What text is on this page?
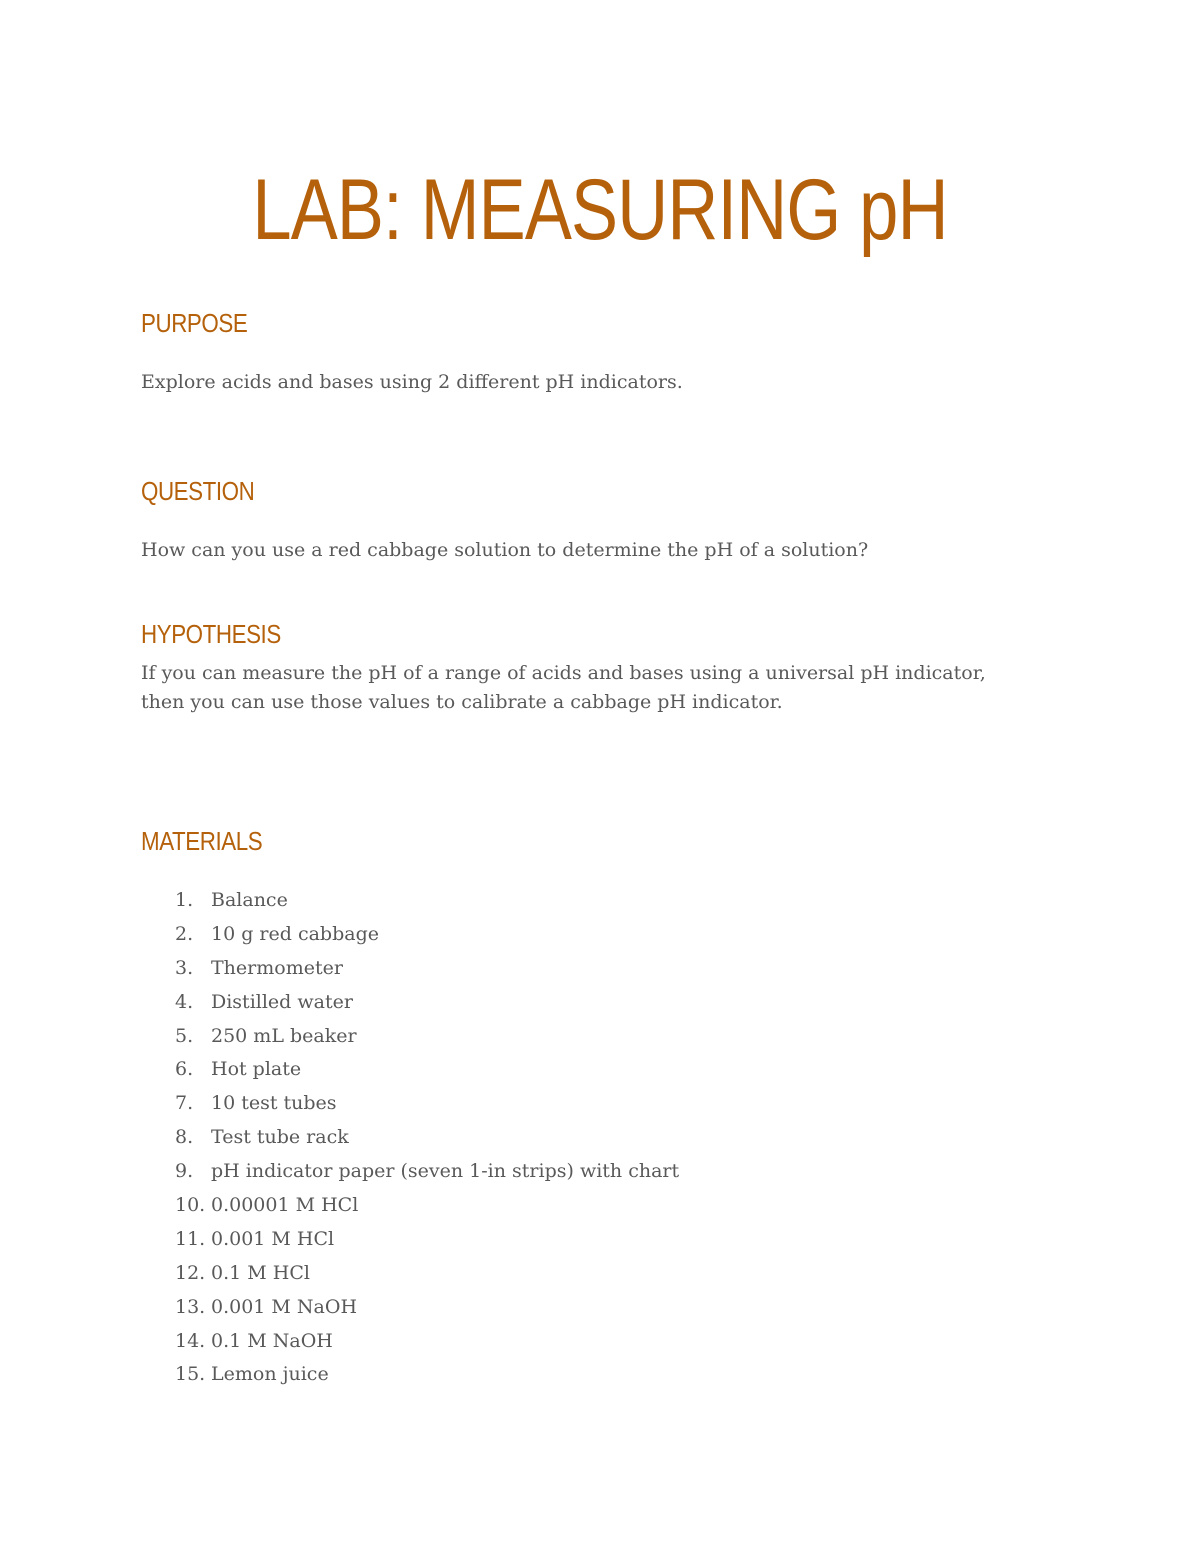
LAB: MEASURING pH
PURPOSE

Explore acids and bases using 2 different pH indicators.

QUESTION

How can you use a red cabbage solution to determine the pH of a solution?

HYPOTHESIS

If you can measure the pH of a range of acids and bases using a universal pH indicator,

then you can use those values to calibrate a cabbage pH indicator.

MATERIALS
1. Balance
2. 10 g red cabbage
3. Thermometer
4. Distilled water
5. 250 mL beaker
6. Hot plate
7. 10 test tubes
8. Test tube rack
9. pH indicator paper (seven 1-in strips) with chart
10. 0.00001 M HCl
11. 0.001 M HCl
12. 0.1 M HCl
13. 0.001 M NaOH
14. 0.1 M NaOH
15. Lemon juice
